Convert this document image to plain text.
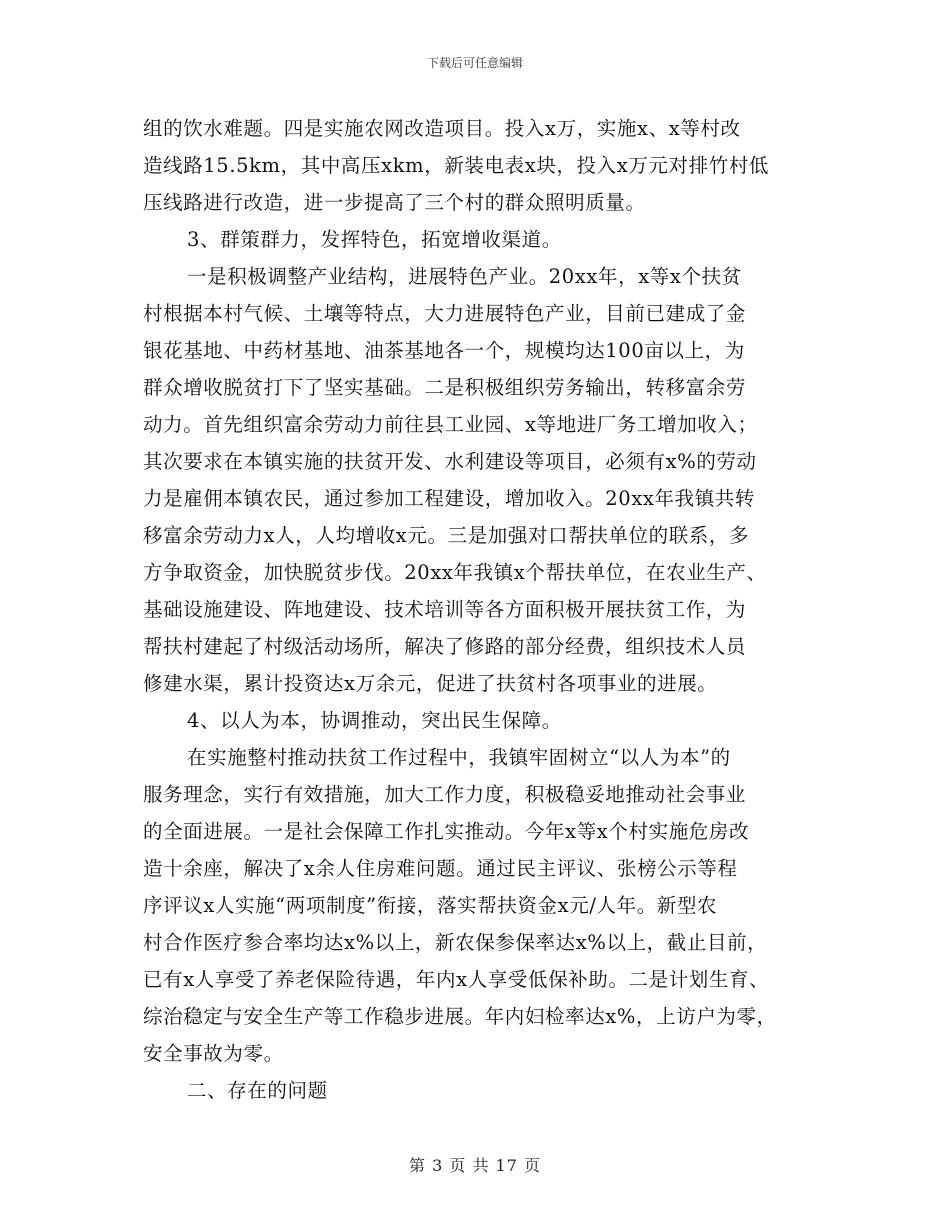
下载后可任意编辑
组的饮水难题。四是实施农网改造项目。投入x万，实施x、x等村改
造线路15.5km，其中高压xkm，新装电表x块，投入x万元对排竹村低
压线路进行改造，进一步提高了三个村的群众照明质量。
3、群策群力，发挥特色，拓宽增收渠道。
一是积极调整产业结构，进展特色产业。20xx年，x等x个扶贫
村根据本村气候、土壤等特点，大力进展特色产业，目前已建成了金
银花基地、中药材基地、油茶基地各一个，规模均达100亩以上，为
群众增收脱贫打下了坚实基础。二是积极组织劳务输出，转移富余劳
动力。首先组织富余劳动力前往县工业园、x等地进厂务工增加收入；
其次要求在本镇实施的扶贫开发、水利建设等项目，必须有x%的劳动
力是雇佣本镇农民，通过参加工程建设，增加收入。20xx年我镇共转
移富余劳动力x人，人均增收x元。三是加强对口帮扶单位的联系，多
方争取资金，加快脱贫步伐。20xx年我镇x个帮扶单位，在农业生产、
基础设施建设、阵地建设、技术培训等各方面积极开展扶贫工作，为
帮扶村建起了村级活动场所，解决了修路的部分经费，组织技术人员
修建水渠，累计投资达x万余元，促进了扶贫村各项事业的进展。
4、以人为本，协调推动，突出民生保障。
在实施整村推动扶贫工作过程中，我镇牢固树立“以人为本”的
服务理念，实行有效措施，加大工作力度，积极稳妥地推动社会事业
的全面进展。一是社会保障工作扎实推动。今年x等x个村实施危房改
造十余座，解决了x余人住房难问题。通过民主评议、张榜公示等程
序评议x人实施“两项制度”衔接，落实帮扶资金x元/人年。新型农
村合作医疗参合率均达x%以上，新农保参保率达x%以上，截止目前，
已有x人享受了养老保险待遇，年内x人享受低保补助。二是计划生育、
综治稳定与安全生产等工作稳步进展。年内妇检率达x%，上访户为零，
安全事故为零。
二、存在的问题
第 3 页 共 17 页
